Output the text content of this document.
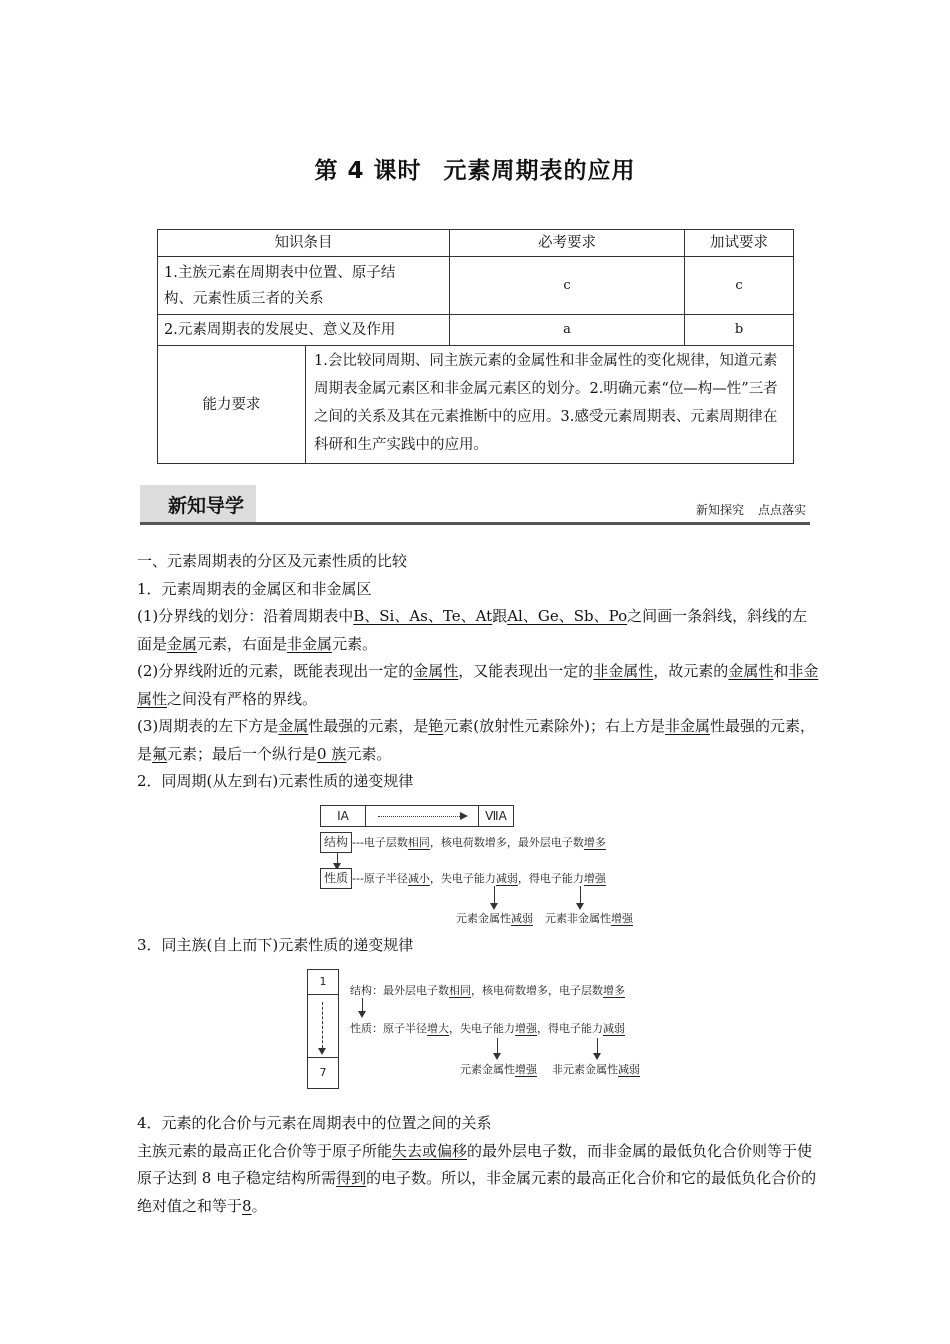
第 4 课时 元素周期表的应用
知识条目		必考要求	加试要求

1.主族元素在周期表中位置、原子结
构、元素性质三者的关系		c	c
2.元素周期表的发展史、意义及作用		a	b
能力要求	1.会比较同周期、同主族元素的金属性和非金属性的变化规律，知道元素周期表金属元素区和非金属元素区的划分。2.明确元素“位—构—性”三者之间的关系及其在元素推断中的应用。3.感受元素周期表、元素周期律在科研和生产实践中的应用。		
新知导学	新知探究 点点落实

一、元素周期表的分区及元素性质的比较

1．元素周期表的金属区和非金属区

(1)分界线的划分：沿着周期表中B、Si、As、Te、At跟Al、Ge、Sb、Po之间画一条斜线，斜线的左面是金属元素，右面是非金属元素。

(2)分界线附近的元素，既能表现出一定的金属性，又能表现出一定的非金属性，故元素的金属性和非金属性之间没有严格的界线。

(3)周期表的左下方是金属性最强的元素，是铯元素(放射性元素除外)；右上方是非金属性最强的元素，是氟元素；最后一个纵行是0 族元素。

2．同周期(从左到右)元素性质的递变规律

3．同主族(自上而下)元素性质的递变规律

4．元素的化合价与元素在周期表中的位置之间的关系

主族元素的最高正化合价等于原子所能失去或偏移的最外层电子数，而非金属的最低负化合价则等于使原子达到 8 电子稳定结构所需得到的电子数。所以，非金属元素的最高正化合价和它的最低负化合价的绝对值之和等于8。

ⅠA	ⅦA
结构
性质
---电子层数相同，核电荷数增多，最外层电子数增多
---原子半径减小，失电子能力减弱，得电子能力增强
元素金属性减弱 元素非金属性增强
1
7
结构：最外层电子数相同，核电荷数增多，电子层数增多
性质：原子半径增大，失电子能力增强，得电子能力减弱
元素金属性增强 非元素金属性减弱
